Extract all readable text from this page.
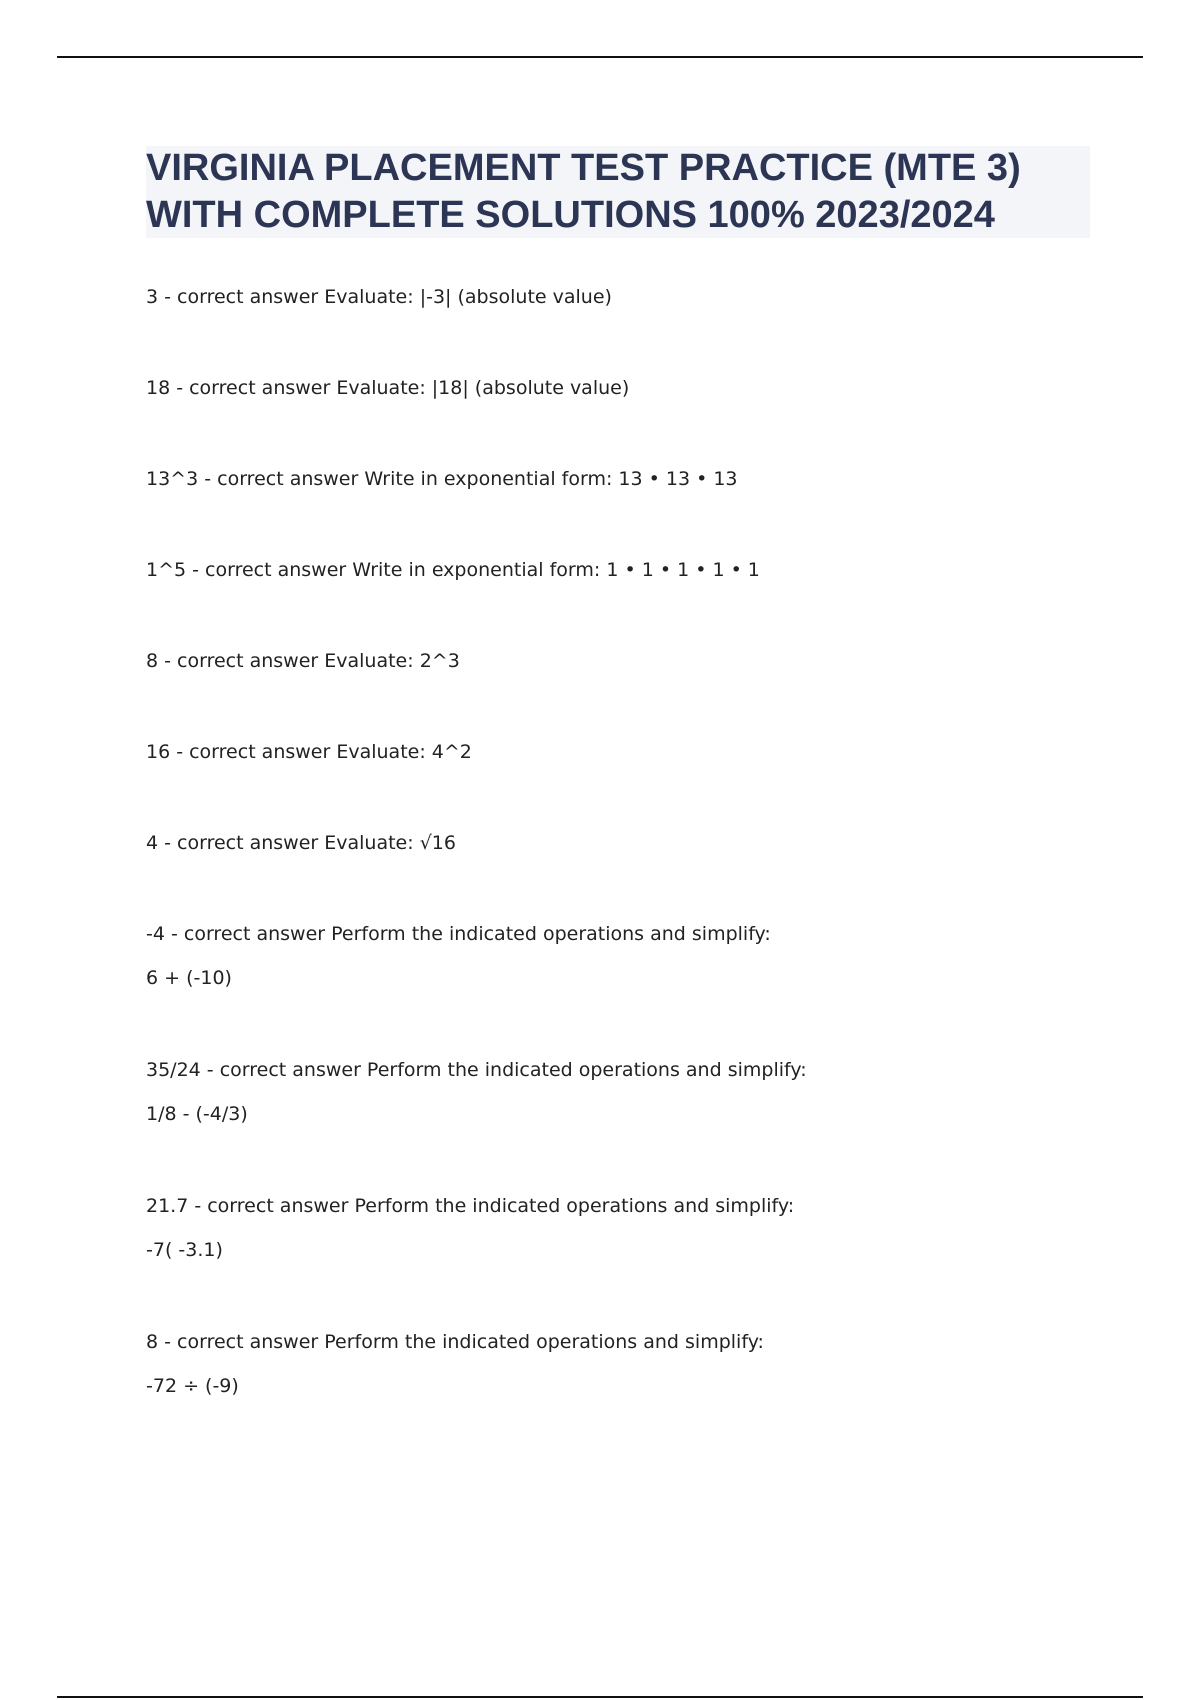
VIRGINIA PLACEMENT TEST PRACTICE (MTE 3)
WITH COMPLETE SOLUTIONS 100% 2023/2024
3 - correct answer Evaluate: |-3| (absolute value)
18 - correct answer Evaluate: |18| (absolute value)
13^3 - correct answer Write in exponential form: 13 • 13 • 13
1^5 - correct answer Write in exponential form: 1 • 1 • 1 • 1 • 1
8 - correct answer Evaluate: 2^3
16 - correct answer Evaluate: 4^2
4 - correct answer Evaluate: √16
-4 - correct answer Perform the indicated operations and simplify:
6 + (-10)
35/24 - correct answer Perform the indicated operations and simplify:
1/8 - (-4/3)
21.7 - correct answer Perform the indicated operations and simplify:
-7( -3.1)
8 - correct answer Perform the indicated operations and simplify:
-72 ÷ (-9)
